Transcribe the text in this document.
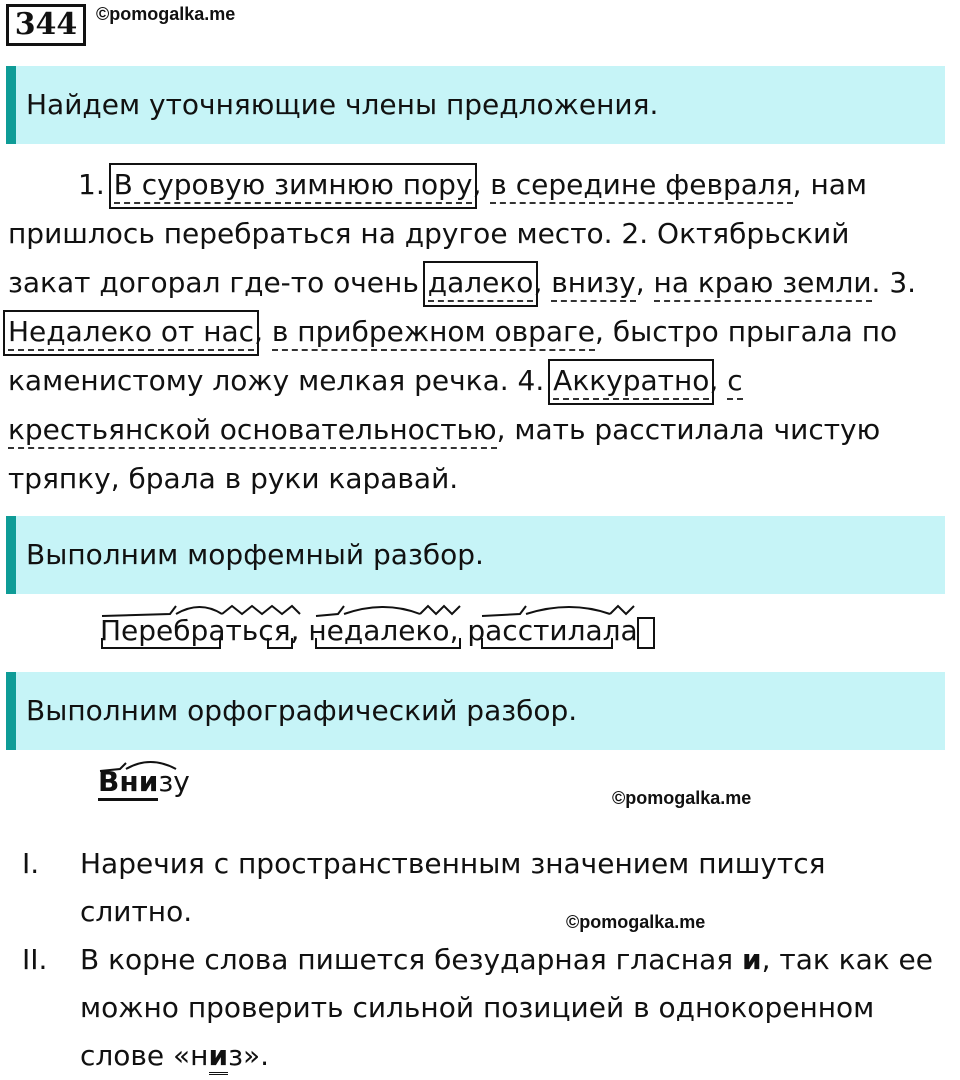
344	©pomogalka.me
Найдем уточняющие члены предложения.
1. В суровую зимнюю пору, в середине февраля, нам
пришлось перебраться на другое место. 2. Октябрьский
закат догорал где-то очень далеко, внизу, на краю земли. 3.
Недалеко от нас, в прибрежном овраге, быстро прыгала по
каменистому ложу мелкая речка. 4. Аккуратно, с
крестьянской основательностью, мать расстилала чистую
тряпку, брала в руки каравай.
Выполним морфемный разбор.
Перебраться, недалеко, расстилала
Выполним орфографический разбор.
Внизу	©pomogalka.me
©pomogalka.me
I. Наречия с пространственным значением пишутся
слитно.
II. В корне слова пишется безударная гласная и, так как ее
можно проверить сильной позицией в однокоренном
слове «низ».
